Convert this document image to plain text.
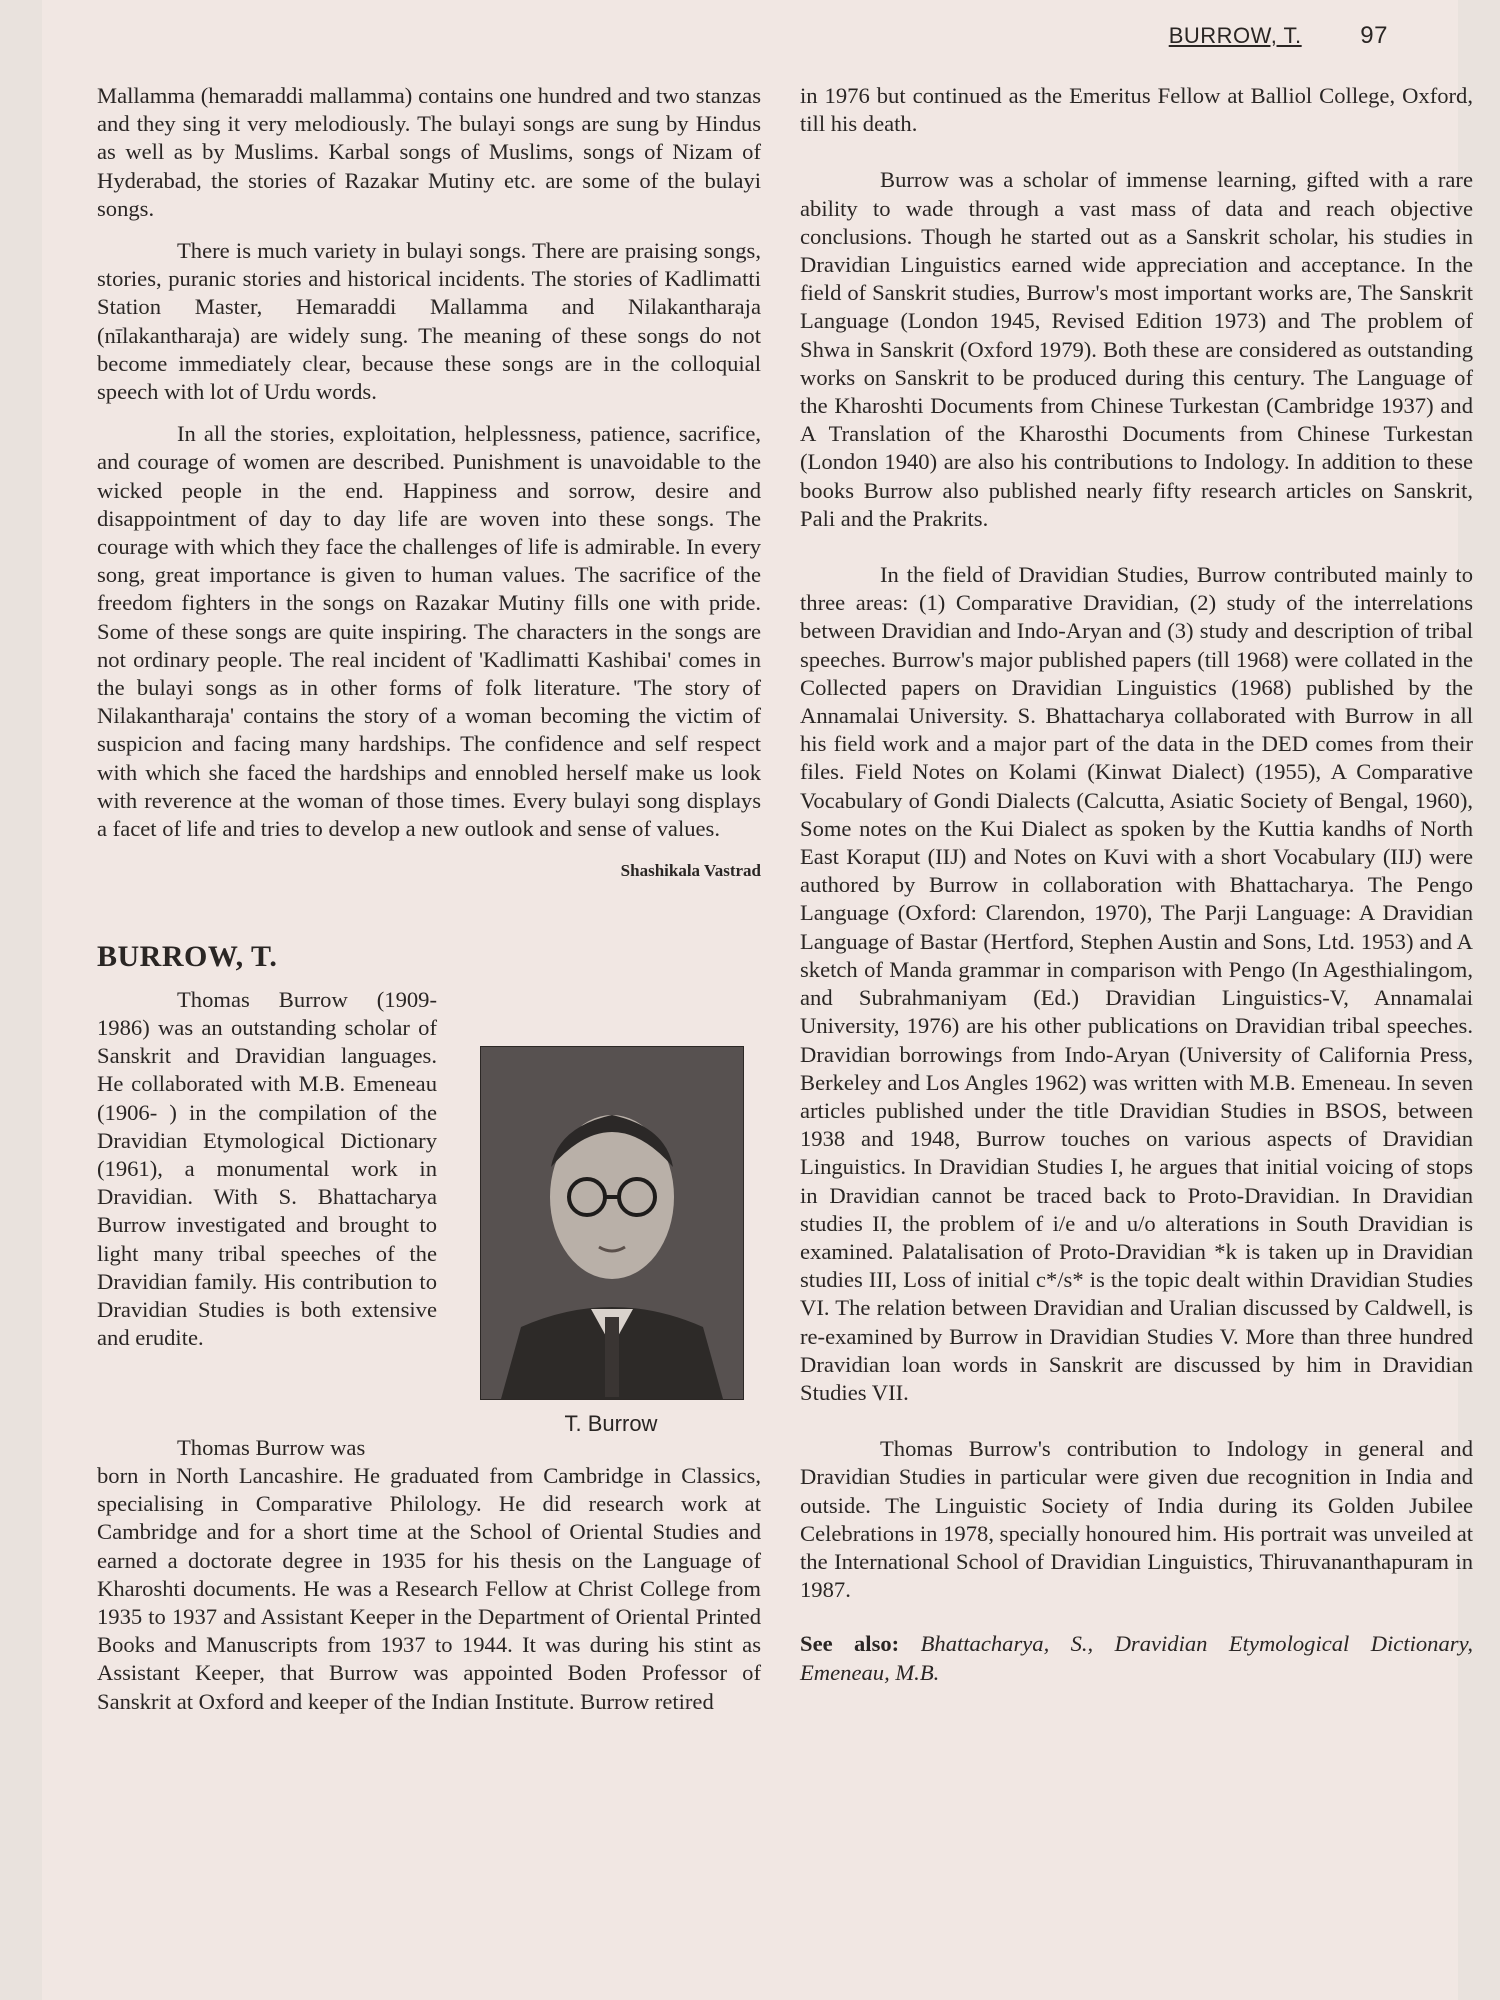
BURROW, T. 97

Mallamma (hemaraddi mallamma) contains one hundred and two stanzas and they sing it very melodiously. The bulayi songs are sung by Hindus as well as by Muslims. Karbal songs of Muslims, songs of Nizam of Hyderabad, the stories of Razakar Mutiny etc. are some of the bulayi songs.

There is much variety in bulayi songs. There are praising songs, stories, puranic stories and historical incidents. The stories of Kadlimatti Station Master, Hemaraddi Mallamma and Nilakantharaja (nīlakantharaja) are widely sung. The meaning of these songs do not become immediately clear, because these songs are in the colloquial speech with lot of Urdu words.

In all the stories, exploitation, helplessness, patience, sacrifice, and courage of women are described. Punishment is unavoidable to the wicked people in the end. Happiness and sorrow, desire and disappointment of day to day life are woven into these songs. The courage with which they face the challenges of life is admirable. In every song, great importance is given to human values. The sacrifice of the freedom fighters in the songs on Razakar Mutiny fills one with pride. Some of these songs are quite inspiring. The characters in the songs are not ordinary people. The real incident of 'Kadlimatti Kashibai' comes in the bulayi songs as in other forms of folk literature. 'The story of Nilakantharaja' contains the story of a woman becoming the victim of suspicion and facing many hardships. The confidence and self respect with which she faced the hardships and ennobled herself make us look with reverence at the woman of those times. Every bulayi song displays a facet of life and tries to develop a new outlook and sense of values.

Shashikala Vastrad
BURROW, T.

Thomas Burrow (1909-1986) was an outstanding scholar of Sanskrit and Dravidian languages. He collaborated with M.B. Emeneau (1906- ) in the compilation of the Dravidian Etymological Dictionary (1961), a monumental work in Dravidian. With S. Bhattacharya Burrow investigated and brought to light many tribal speeches of the Dravidian family. His contribution to Dravidian Studies is both extensive and erudite.

T. Burrow

Thomas Burrow was

born in North Lancashire. He graduated from Cambridge in Classics, specialising in Comparative Philology. He did research work at Cambridge and for a short time at the School of Oriental Studies and earned a doctorate degree in 1935 for his thesis on the Language of Kharoshti documents. He was a Research Fellow at Christ College from 1935 to 1937 and Assistant Keeper in the Department of Oriental Printed Books and Manuscripts from 1937 to 1944. It was during his stint as Assistant Keeper, that Burrow was appointed Boden Professor of Sanskrit at Oxford and keeper of the Indian Institute. Burrow retired

in 1976 but continued as the Emeritus Fellow at Balliol College, Oxford, till his death.

Burrow was a scholar of immense learning, gifted with a rare ability to wade through a vast mass of data and reach objective conclusions. Though he started out as a Sanskrit scholar, his studies in Dravidian Linguistics earned wide appreciation and acceptance. In the field of Sanskrit studies, Burrow's most important works are, The Sanskrit Language (London 1945, Revised Edition 1973) and The problem of Shwa in Sanskrit (Oxford 1979). Both these are considered as outstanding works on Sanskrit to be produced during this century. The Language of the Kharoshti Documents from Chinese Turkestan (Cambridge 1937) and A Translation of the Kharosthi Documents from Chinese Turkestan (London 1940) are also his contributions to Indology. In addition to these books Burrow also published nearly fifty research articles on Sanskrit, Pali and the Prakrits.

In the field of Dravidian Studies, Burrow contributed mainly to three areas: (1) Comparative Dravidian, (2) study of the interrelations between Dravidian and Indo-Aryan and (3) study and description of tribal speeches. Burrow's major published papers (till 1968) were collated in the Collected papers on Dravidian Linguistics (1968) published by the Annamalai University. S. Bhattacharya collaborated with Burrow in all his field work and a major part of the data in the DED comes from their files. Field Notes on Kolami (Kinwat Dialect) (1955), A Comparative Vocabulary of Gondi Dialects (Calcutta, Asiatic Society of Bengal, 1960), Some notes on the Kui Dialect as spoken by the Kuttia kandhs of North East Koraput (IIJ) and Notes on Kuvi with a short Vocabulary (IIJ) were authored by Burrow in collaboration with Bhattacharya. The Pengo Language (Oxford: Clarendon, 1970), The Parji Language: A Dravidian Language of Bastar (Hertford, Stephen Austin and Sons, Ltd. 1953) and A sketch of Manda grammar in comparison with Pengo (In Agesthialingom, and Subrahmaniyam (Ed.) Dravidian Linguistics-V, Annamalai University, 1976) are his other publications on Dravidian tribal speeches. Dravidian borrowings from Indo-Aryan (University of California Press, Berkeley and Los Angles 1962) was written with M.B. Emeneau. In seven articles published under the title Dravidian Studies in BSOS, between 1938 and 1948, Burrow touches on various aspects of Dravidian Linguistics. In Dravidian Studies I, he argues that initial voicing of stops in Dravidian cannot be traced back to Proto-Dravidian. In Dravidian studies II, the problem of i/e and u/o alterations in South Dravidian is examined. Palatalisation of Proto-Dravidian *k is taken up in Dravidian studies III, Loss of initial c*/s* is the topic dealt within Dravidian Studies VI. The relation between Dravidian and Uralian discussed by Caldwell, is re-examined by Burrow in Dravidian Studies V. More than three hundred Dravidian loan words in Sanskrit are discussed by him in Dravidian Studies VII.

Thomas Burrow's contribution to Indology in general and Dravidian Studies in particular were given due recognition in India and outside. The Linguistic Society of India during its Golden Jubilee Celebrations in 1978, specially honoured him. His portrait was unveiled at the International School of Dravidian Linguistics, Thiruvananthapuram in 1987.

See also: Bhattacharya, S., Dravidian Etymological Dictionary, Emeneau, M.B.
